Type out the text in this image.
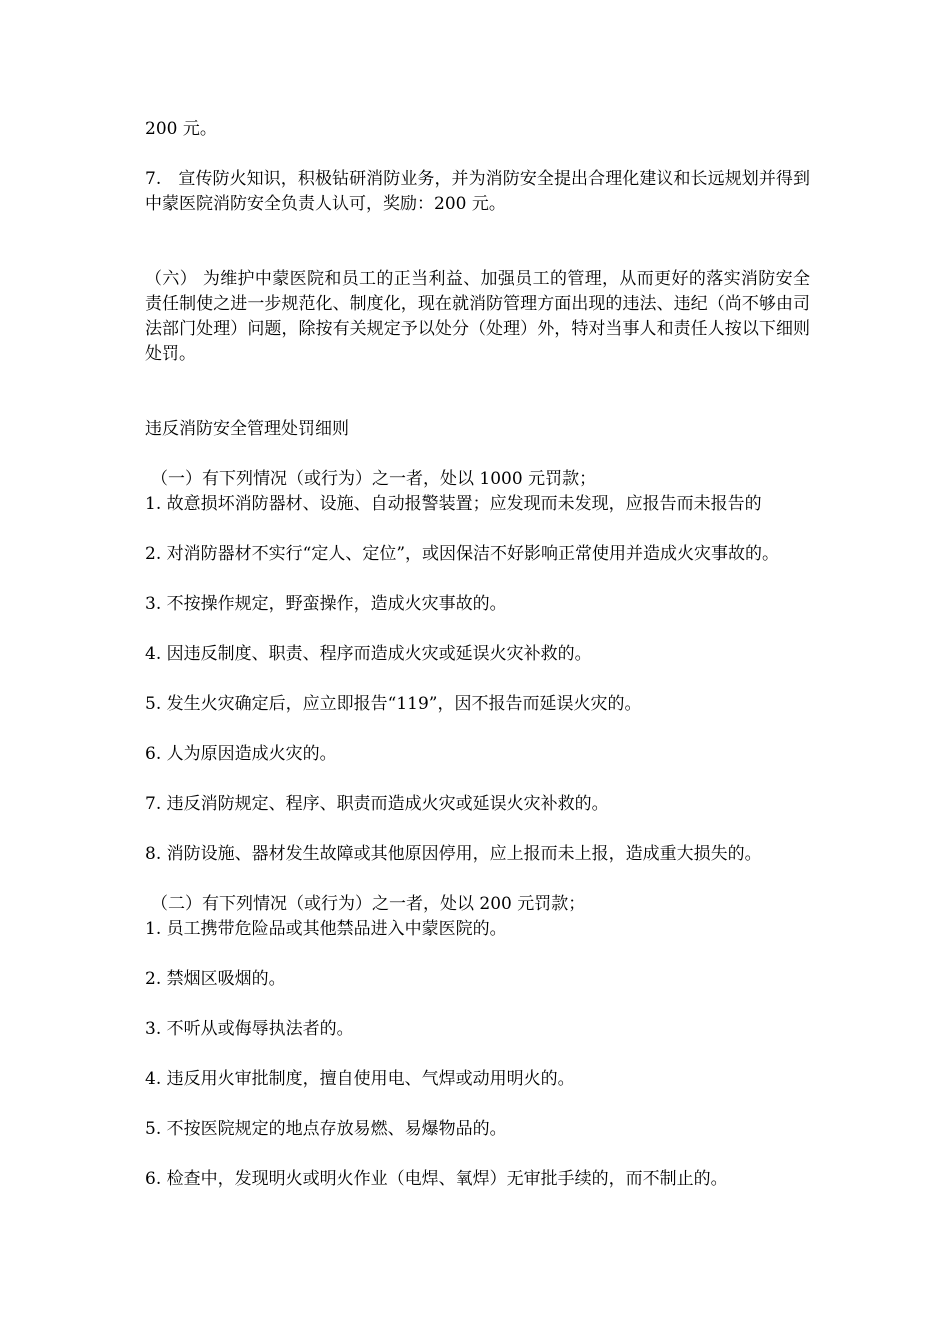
200 元。

7.　宣传防火知识，积极钻研消防业务，并为消防安全提出合理化建议和长远规划并得到中蒙医院消防安全负责人认可，奖励：200 元。

（六） 为维护中蒙医院和员工的正当利益、加强员工的管理，从而更好的落实消防安全责任制使之进一步规范化、制度化，现在就消防管理方面出现的违法、违纪（尚不够由司法部门处理）问题，除按有关规定予以处分（处理）外，特对当事人和责任人按以下细则处罚。

违反消防安全管理处罚细则

（一）有下列情况（或行为）之一者，处以 1000 元罚款；

1. 故意损坏消防器材、设施、自动报警装置；应发现而未发现，应报告而未报告的

2. 对消防器材不实行“定人、定位”，或因保洁不好影响正常使用并造成火灾事故的。

3. 不按操作规定，野蛮操作，造成火灾事故的。

4. 因违反制度、职责、程序而造成火灾或延误火灾补救的。

5. 发生火灾确定后，应立即报告“119”，因不报告而延误火灾的。

6. 人为原因造成火灾的。

7. 违反消防规定、程序、职责而造成火灾或延误火灾补救的。

8. 消防设施、器材发生故障或其他原因停用，应上报而未上报，造成重大损失的。

（二）有下列情况（或行为）之一者，处以 200 元罚款；

1. 员工携带危险品或其他禁品进入中蒙医院的。

2. 禁烟区吸烟的。

3. 不听从或侮辱执法者的。

4. 违反用火审批制度，擅自使用电、气焊或动用明火的。

5. 不按医院规定的地点存放易燃、易爆物品的。

6. 检查中，发现明火或明火作业（电焊、氧焊）无审批手续的，而不制止的。
